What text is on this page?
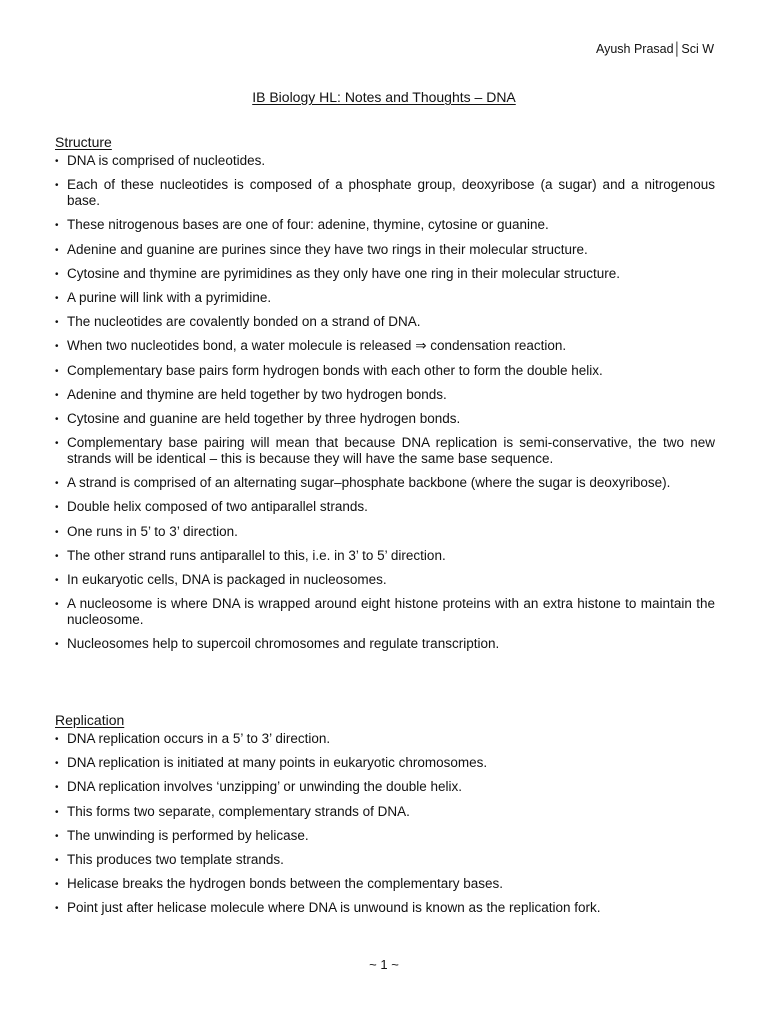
Ayush Prasad│Sci W
IB Biology HL: Notes and Thoughts – DNA
Structure
• DNA is comprised of nucleotides.
• Each of these nucleotides is composed of a phosphate group, deoxyribose (a sugar) and a nitrogenous base.
• These nitrogenous bases are one of four: adenine, thymine, cytosine or guanine.
• Adenine and guanine are purines since they have two rings in their molecular structure.
• Cytosine and thymine are pyrimidines as they only have one ring in their molecular structure.
• A purine will link with a pyrimidine.
• The nucleotides are covalently bonded on a strand of DNA.
• When two nucleotides bond, a water molecule is released ⇒ condensation reaction.
• Complementary base pairs form hydrogen bonds with each other to form the double helix.
• Adenine and thymine are held together by two hydrogen bonds.
• Cytosine and guanine are held together by three hydrogen bonds.
• Complementary base pairing will mean that because DNA replication is semi-conservative, the two new strands will be identical – this is because they will have the same base sequence.
• A strand is comprised of an alternating sugar–phosphate backbone (where the sugar is deoxyribose).
• Double helix composed of two antiparallel strands.
• One runs in 5’ to 3’ direction.
• The other strand runs antiparallel to this, i.e. in 3’ to 5’ direction.
• In eukaryotic cells, DNA is packaged in nucleosomes.
• A nucleosome is where DNA is wrapped around eight histone proteins with an extra histone to maintain the nucleosome.
• Nucleosomes help to supercoil chromosomes and regulate transcription.
Replication
• DNA replication occurs in a 5’ to 3’ direction.
• DNA replication is initiated at many points in eukaryotic chromosomes.
• DNA replication involves ‘unzipping’ or unwinding the double helix.
• This forms two separate, complementary strands of DNA.
• The unwinding is performed by helicase.
• This produces two template strands.
• Helicase breaks the hydrogen bonds between the complementary bases.
• Point just after helicase molecule where DNA is unwound is known as the replication fork.
~ 1 ~
